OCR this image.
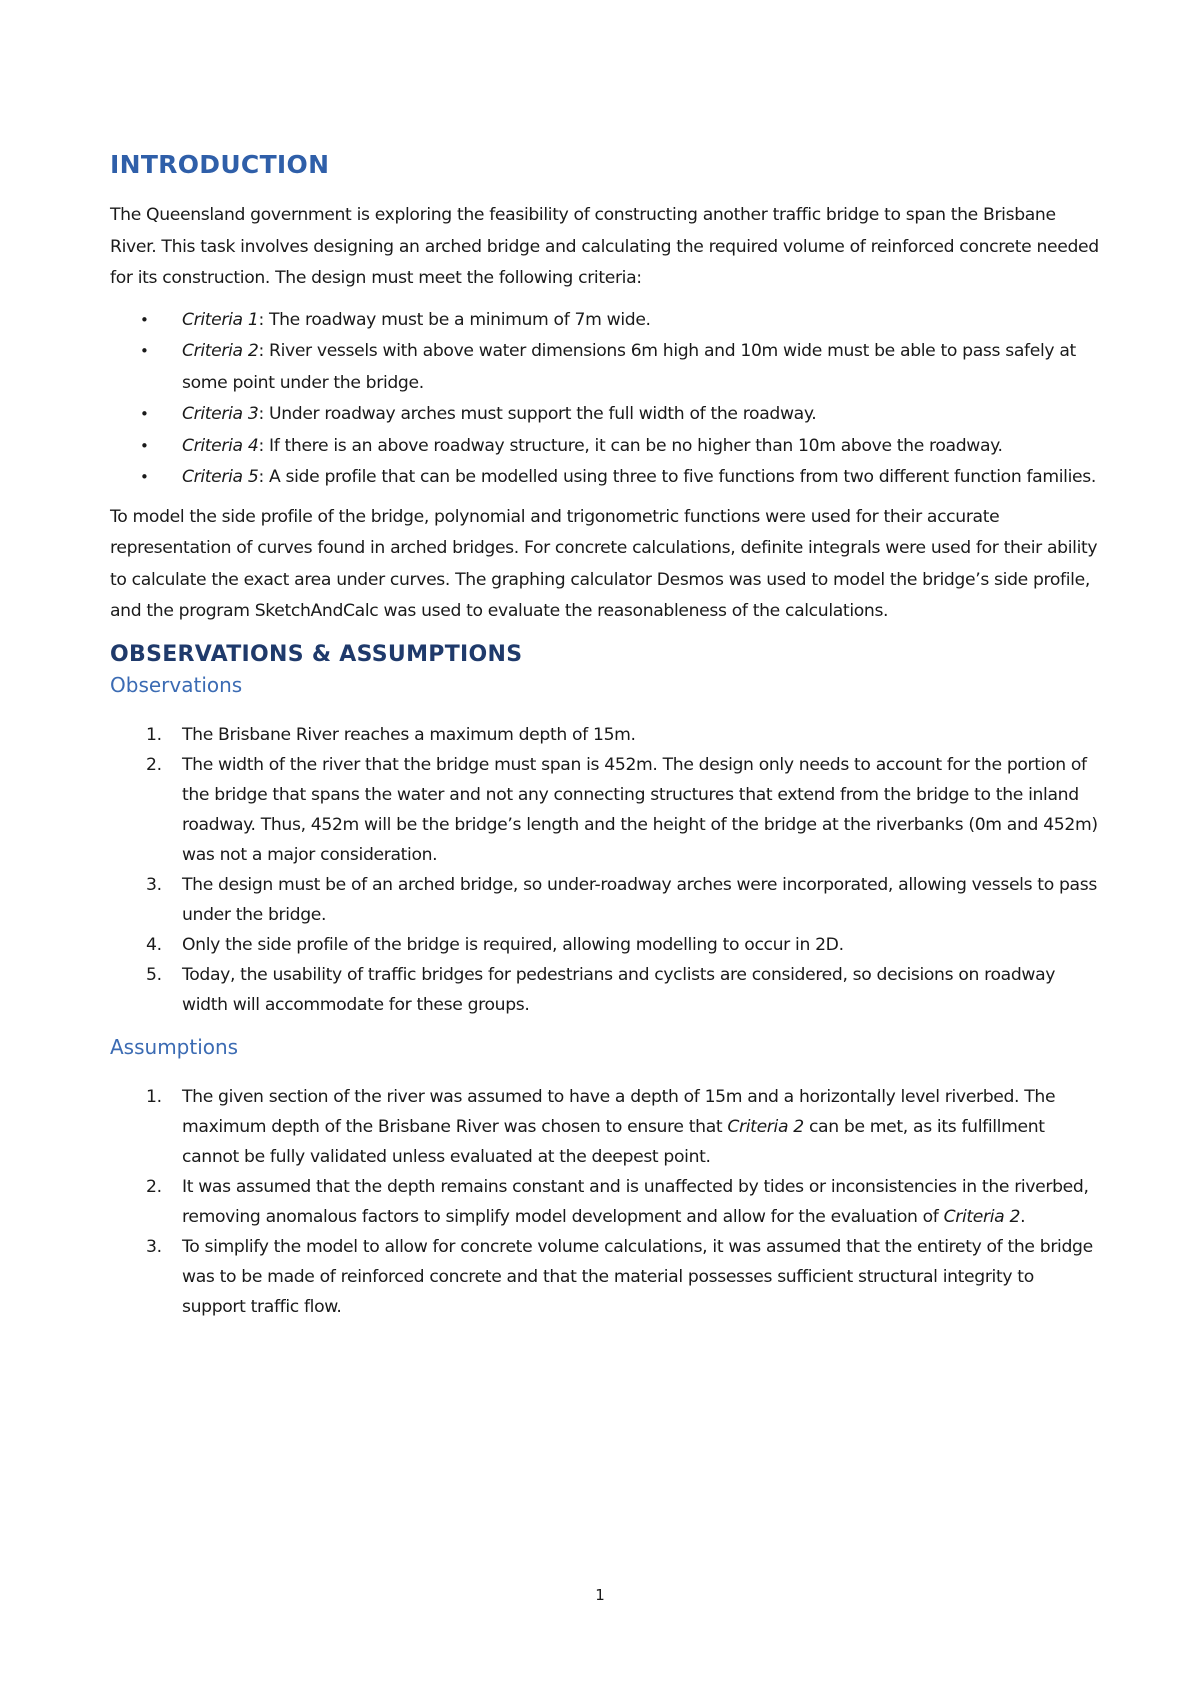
INTRODUCTION

The Queensland government is exploring the feasibility of constructing another traffic bridge to span the Brisbane River. This task involves designing an arched bridge and calculating the required volume of reinforced concrete needed for its construction. The design must meet the following criteria:

• Criteria 1: The roadway must be a minimum of 7m wide.
• Criteria 2: River vessels with above water dimensions 6m high and 10m wide must be able to pass safely at some point under the bridge.
• Criteria 3: Under roadway arches must support the full width of the roadway.
• Criteria 4: If there is an above roadway structure, it can be no higher than 10m above the roadway.
• Criteria 5: A side profile that can be modelled using three to five functions from two different function families.

To model the side profile of the bridge, polynomial and trigonometric functions were used for their accurate representation of curves found in arched bridges. For concrete calculations, definite integrals were used for their ability to calculate the exact area under curves. The graphing calculator Desmos was used to model the bridge’s side profile, and the program SketchAndCalc was used to evaluate the reasonableness of the calculations.

OBSERVATIONS & ASSUMPTIONS
Observations
1. The Brisbane River reaches a maximum depth of 15m.
2. The width of the river that the bridge must span is 452m. The design only needs to account for the portion of the bridge that spans the water and not any connecting structures that extend from the bridge to the inland roadway. Thus, 452m will be the bridge’s length and the height of the bridge at the riverbanks (0m and 452m) was not a major consideration.
3. The design must be of an arched bridge, so under-roadway arches were incorporated, allowing vessels to pass under the bridge.
4. Only the side profile of the bridge is required, allowing modelling to occur in 2D.
5. Today, the usability of traffic bridges for pedestrians and cyclists are considered, so decisions on roadway width will accommodate for these groups.
Assumptions
1. The given section of the river was assumed to have a depth of 15m and a horizontally level riverbed. The maximum depth of the Brisbane River was chosen to ensure that Criteria 2 can be met, as its fulfillment cannot be fully validated unless evaluated at the deepest point.
2. It was assumed that the depth remains constant and is unaffected by tides or inconsistencies in the riverbed, removing anomalous factors to simplify model development and allow for the evaluation of Criteria 2.
3. To simplify the model to allow for concrete volume calculations, it was assumed that the entirety of the bridge was to be made of reinforced concrete and that the material possesses sufficient structural integrity to support traffic flow.
1
